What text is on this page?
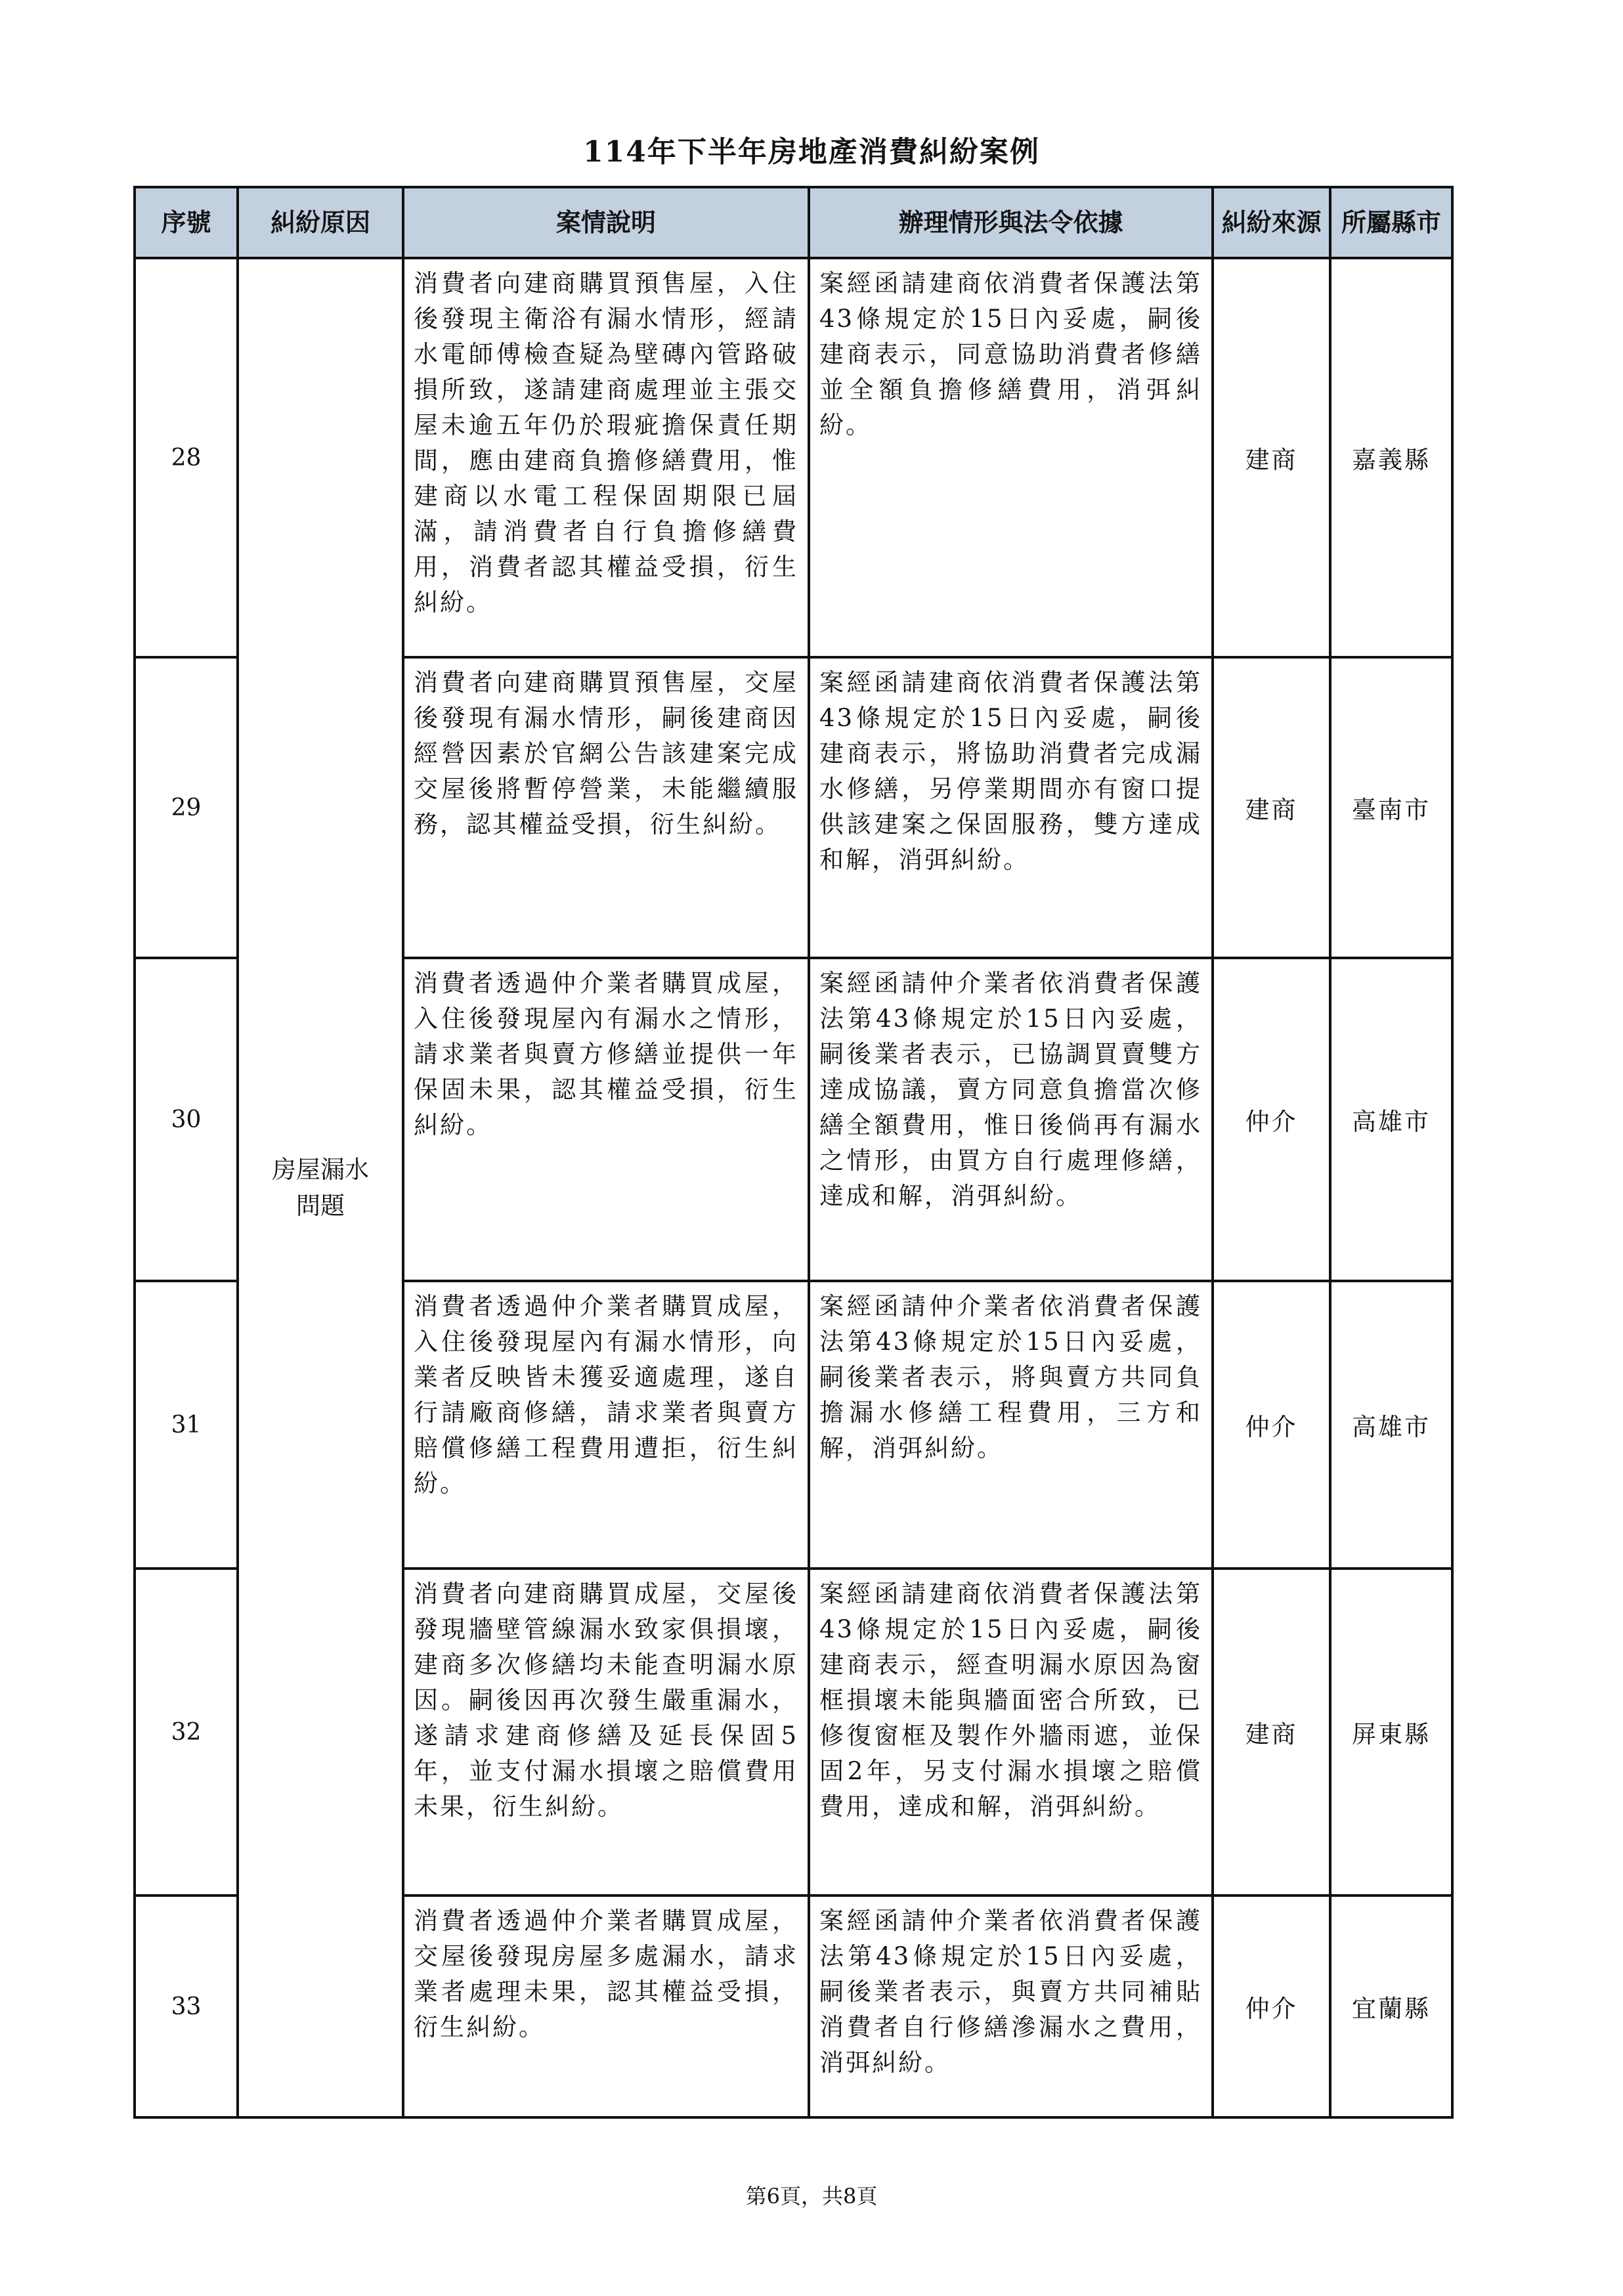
114年下半年房地產消費糾紛案例
序號	糾紛原因	案情說明	辦理情形與法令依據	糾紛來源	所屬縣市
28	房屋漏水問題	消費者向建商購買預售屋，入住後發現主衛浴有漏水情形，經請水電師傅檢查疑為壁磚內管路破損所致，遂請建商處理並主張交屋未逾五年仍於瑕疵擔保責任期間，應由建商負擔修繕費用，惟建商以水電工程保固期限已屆滿，請消費者自行負擔修繕費用，消費者認其權益受損，衍生糾紛。	案經函請建商依消費者保護法第43條規定於15日內妥處，嗣後建商表示，同意協助消費者修繕並全額負擔修繕費用，消弭糾紛。	建商	嘉義縣
29		消費者向建商購買預售屋，交屋後發現有漏水情形，嗣後建商因經營因素於官網公告該建案完成交屋後將暫停營業，未能繼續服務，認其權益受損，衍生糾紛。	案經函請建商依消費者保護法第43條規定於15日內妥處，嗣後建商表示，將協助消費者完成漏水修繕，另停業期間亦有窗口提供該建案之保固服務，雙方達成和解，消弭糾紛。	建商	臺南市
30		消費者透過仲介業者購買成屋，入住後發現屋內有漏水之情形，請求業者與賣方修繕並提供一年保固未果，認其權益受損，衍生糾紛。	案經函請仲介業者依消費者保護法第43條規定於15日內妥處，嗣後業者表示，已協調買賣雙方達成協議，賣方同意負擔當次修繕全額費用，惟日後倘再有漏水之情形，由買方自行處理修繕，達成和解，消弭糾紛。	仲介	高雄市
31		消費者透過仲介業者購買成屋，入住後發現屋內有漏水情形，向業者反映皆未獲妥適處理，遂自行請廠商修繕，請求業者與賣方賠償修繕工程費用遭拒，衍生糾紛。	案經函請仲介業者依消費者保護法第43條規定於15日內妥處，嗣後業者表示，將與賣方共同負擔漏水修繕工程費用，三方和解，消弭糾紛。	仲介	高雄市
32		消費者向建商購買成屋，交屋後發現牆壁管線漏水致家俱損壞，建商多次修繕均未能查明漏水原因。嗣後因再次發生嚴重漏水，遂請求建商修繕及延長保固5年，並支付漏水損壞之賠償費用未果，衍生糾紛。	案經函請建商依消費者保護法第43條規定於15日內妥處，嗣後建商表示，經查明漏水原因為窗框損壞未能與牆面密合所致，已修復窗框及製作外牆雨遮，並保固2年，另支付漏水損壞之賠償費用，達成和解，消弭糾紛。	建商	屏東縣
33		消費者透過仲介業者購買成屋，交屋後發現房屋多處漏水，請求業者處理未果，認其權益受損，衍生糾紛。	案經函請仲介業者依消費者保護法第43條規定於15日內妥處，嗣後業者表示，與賣方共同補貼消費者自行修繕滲漏水之費用，消弭糾紛。	仲介	宜蘭縣
第6頁，共8頁
